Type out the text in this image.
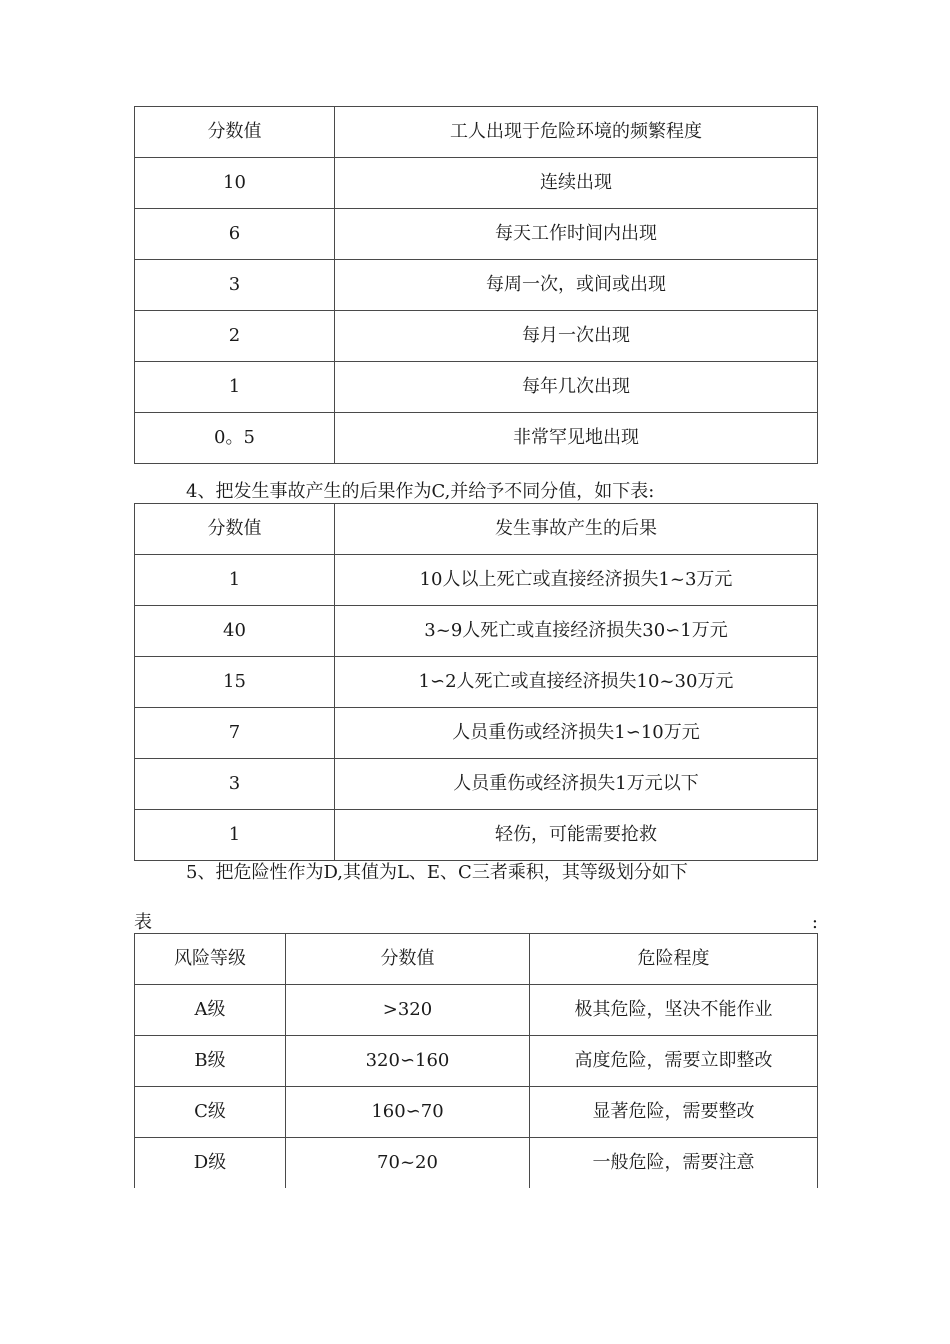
分数值	工人出现于危险环境的频繁程度
10	连续出现
6	每天工作时间内出现
3	每周一次，或间或出现
2	每月一次出现
1	每年几次出现
0。5	非常罕见地出现
4、把发生事故产生的后果作为C,并给予不同分值，如下表:
分数值	发生事故产生的后果
1	10人以上死亡或直接经济损失1~3万元
40	3~9人死亡或直接经济损失30∽1万元
15	1∽2人死亡或直接经济损失10~30万元
7	人员重伤或经济损失1∽10万元
3	人员重伤或经济损失1万元以下
1	轻伤，可能需要抢救
5、把危险性作为D,其值为L、E、C三者乘积，其等级划分如下
表	:
风险等级	分数值	危险程度
A级	>320	极其危险，坚决不能作业
B级	320∽160	高度危险，需要立即整改
C级	160∽70	显著危险，需要整改
D级	70~20	一般危险，需要注意
